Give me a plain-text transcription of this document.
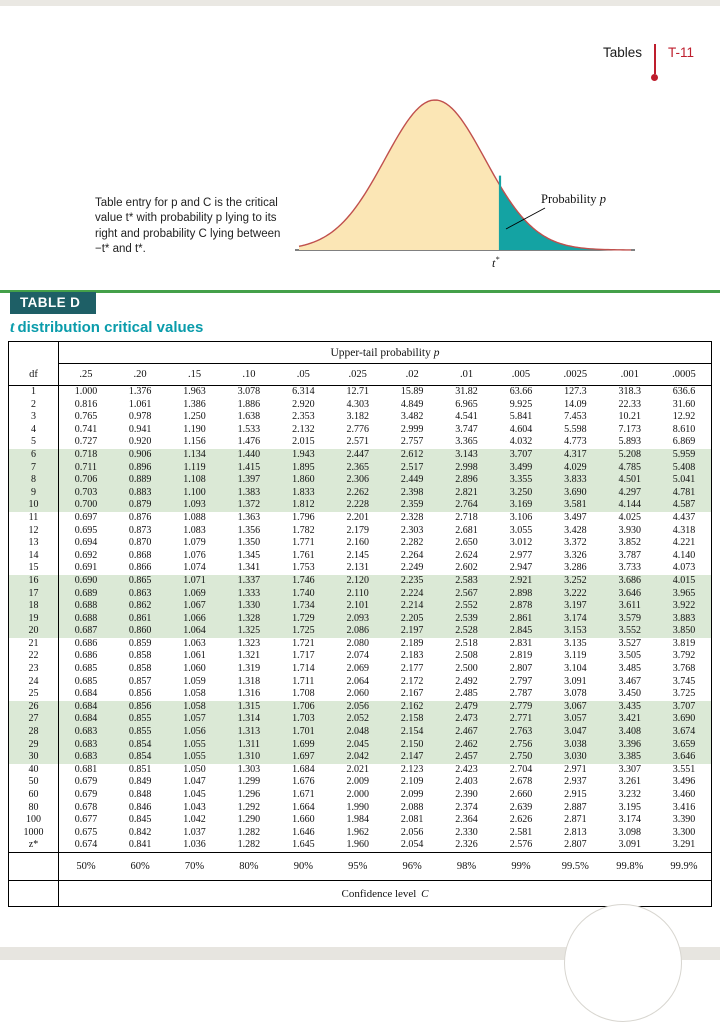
Tables T-11
Probability p
t*
Table entry for p and C is the critical value t* with probability p lying to its right and probability C lying between −t* and t*.
TABLE D
t distribution critical values
	Upper-tail probability p											
df	.25	.20	.15	.10	.05	.025	.02	.01	.005	.0025	.001	.0005
1	1.000	1.376	1.963	3.078	6.314	12.71	15.89	31.82	63.66	127.3	318.3	636.6
2	0.816	1.061	1.386	1.886	2.920	4.303	4.849	6.965	9.925	14.09	22.33	31.60
3	0.765	0.978	1.250	1.638	2.353	3.182	3.482	4.541	5.841	7.453	10.21	12.92
4	0.741	0.941	1.190	1.533	2.132	2.776	2.999	3.747	4.604	5.598	7.173	8.610
5	0.727	0.920	1.156	1.476	2.015	2.571	2.757	3.365	4.032	4.773	5.893	6.869
6	0.718	0.906	1.134	1.440	1.943	2.447	2.612	3.143	3.707	4.317	5.208	5.959
7	0.711	0.896	1.119	1.415	1.895	2.365	2.517	2.998	3.499	4.029	4.785	5.408
8	0.706	0.889	1.108	1.397	1.860	2.306	2.449	2.896	3.355	3.833	4.501	5.041
9	0.703	0.883	1.100	1.383	1.833	2.262	2.398	2.821	3.250	3.690	4.297	4.781
10	0.700	0.879	1.093	1.372	1.812	2.228	2.359	2.764	3.169	3.581	4.144	4.587
11	0.697	0.876	1.088	1.363	1.796	2.201	2.328	2.718	3.106	3.497	4.025	4.437
12	0.695	0.873	1.083	1.356	1.782	2.179	2.303	2.681	3.055	3.428	3.930	4.318
13	0.694	0.870	1.079	1.350	1.771	2.160	2.282	2.650	3.012	3.372	3.852	4.221
14	0.692	0.868	1.076	1.345	1.761	2.145	2.264	2.624	2.977	3.326	3.787	4.140
15	0.691	0.866	1.074	1.341	1.753	2.131	2.249	2.602	2.947	3.286	3.733	4.073
16	0.690	0.865	1.071	1.337	1.746	2.120	2.235	2.583	2.921	3.252	3.686	4.015
17	0.689	0.863	1.069	1.333	1.740	2.110	2.224	2.567	2.898	3.222	3.646	3.965
18	0.688	0.862	1.067	1.330	1.734	2.101	2.214	2.552	2.878	3.197	3.611	3.922
19	0.688	0.861	1.066	1.328	1.729	2.093	2.205	2.539	2.861	3.174	3.579	3.883
20	0.687	0.860	1.064	1.325	1.725	2.086	2.197	2.528	2.845	3.153	3.552	3.850
21	0.686	0.859	1.063	1.323	1.721	2.080	2.189	2.518	2.831	3.135	3.527	3.819
22	0.686	0.858	1.061	1.321	1.717	2.074	2.183	2.508	2.819	3.119	3.505	3.792
23	0.685	0.858	1.060	1.319	1.714	2.069	2.177	2.500	2.807	3.104	3.485	3.768
24	0.685	0.857	1.059	1.318	1.711	2.064	2.172	2.492	2.797	3.091	3.467	3.745
25	0.684	0.856	1.058	1.316	1.708	2.060	2.167	2.485	2.787	3.078	3.450	3.725
26	0.684	0.856	1.058	1.315	1.706	2.056	2.162	2.479	2.779	3.067	3.435	3.707
27	0.684	0.855	1.057	1.314	1.703	2.052	2.158	2.473	2.771	3.057	3.421	3.690
28	0.683	0.855	1.056	1.313	1.701	2.048	2.154	2.467	2.763	3.047	3.408	3.674
29	0.683	0.854	1.055	1.311	1.699	2.045	2.150	2.462	2.756	3.038	3.396	3.659
30	0.683	0.854	1.055	1.310	1.697	2.042	2.147	2.457	2.750	3.030	3.385	3.646
40	0.681	0.851	1.050	1.303	1.684	2.021	2.123	2.423	2.704	2.971	3.307	3.551
50	0.679	0.849	1.047	1.299	1.676	2.009	2.109	2.403	2.678	2.937	3.261	3.496
60	0.679	0.848	1.045	1.296	1.671	2.000	2.099	2.390	2.660	2.915	3.232	3.460
80	0.678	0.846	1.043	1.292	1.664	1.990	2.088	2.374	2.639	2.887	3.195	3.416
100	0.677	0.845	1.042	1.290	1.660	1.984	2.081	2.364	2.626	2.871	3.174	3.390
1000	0.675	0.842	1.037	1.282	1.646	1.962	2.056	2.330	2.581	2.813	3.098	3.300
z*	0.674	0.841	1.036	1.282	1.645	1.960	2.054	2.326	2.576	2.807	3.091	3.291
	50%	60%	70%	80%	90%	95%	96%	98%	99%	99.5%	99.8%	99.9%
	Confidence level C											
